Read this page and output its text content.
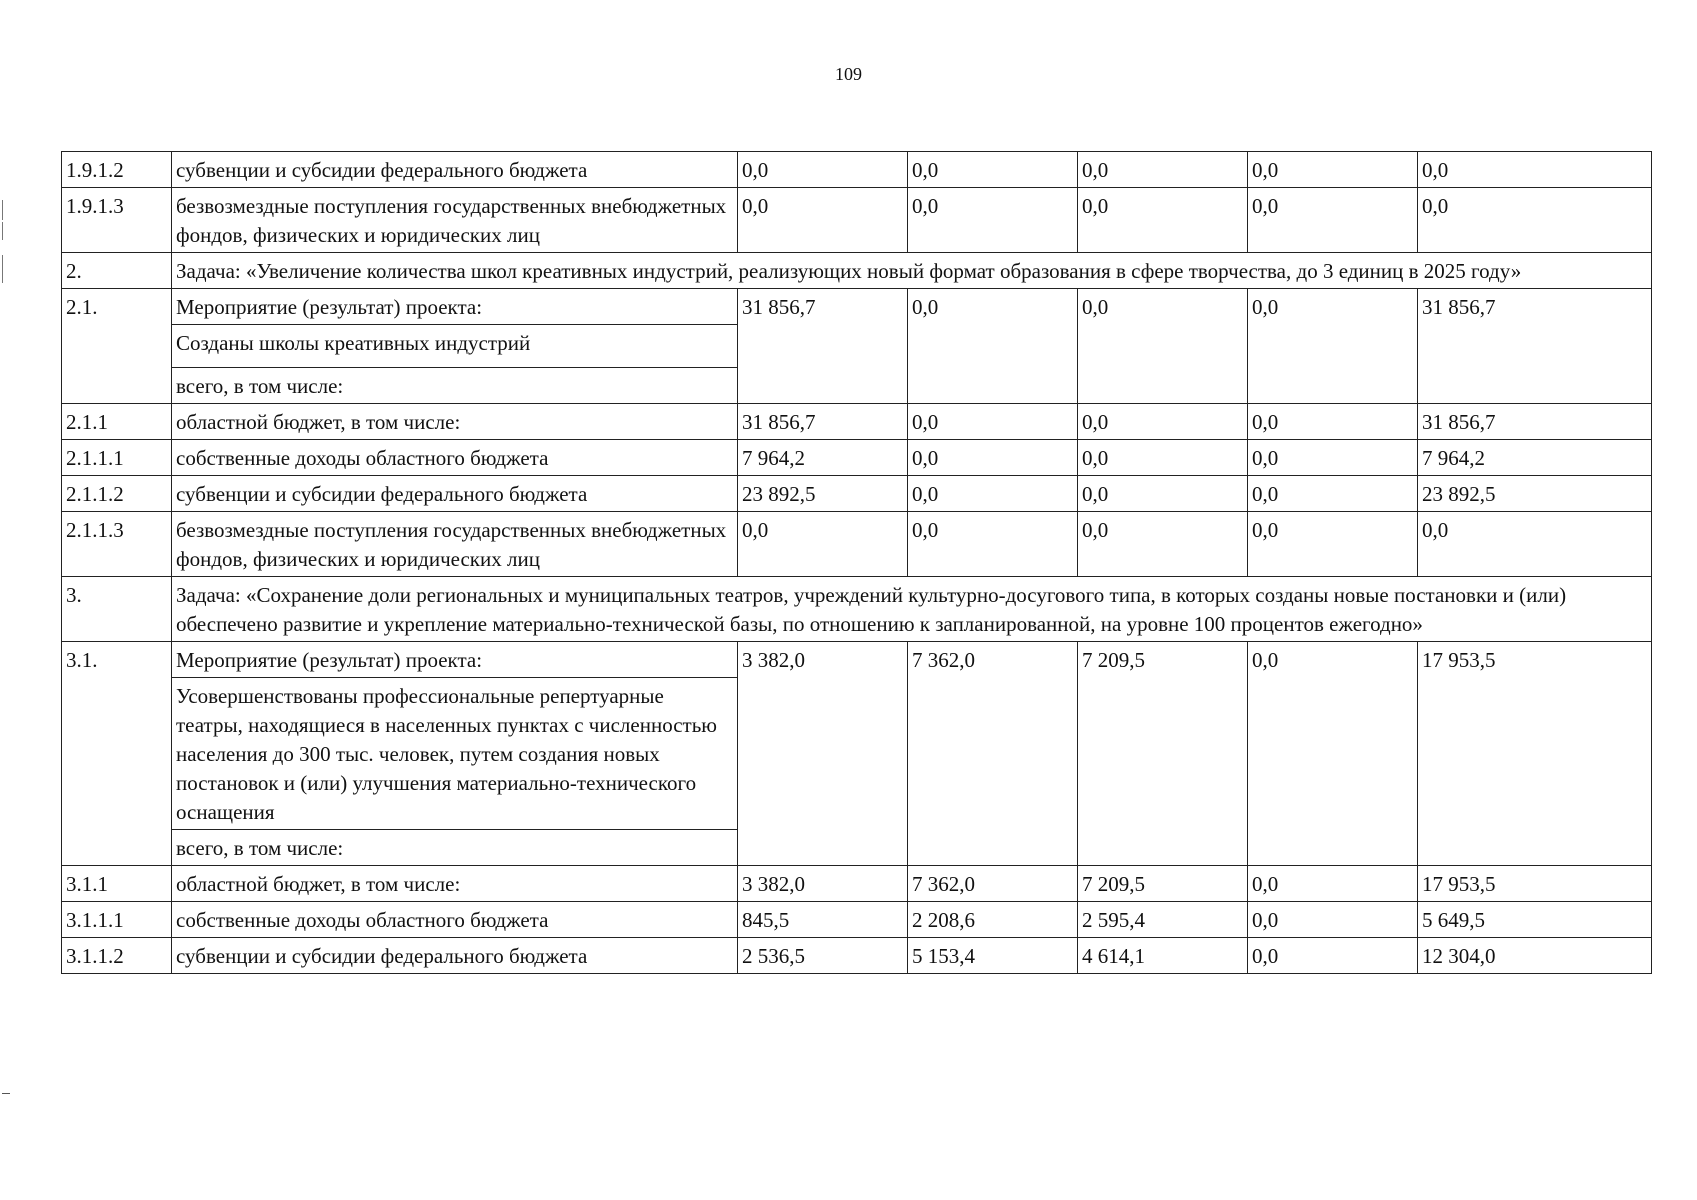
109
1.9.1.2	субвенции и субсидии федерального бюджета	0,0	0,0	0,0	0,0	0,0
1.9.1.3	безвозмездные поступления государственных внебюджетных фондов, физических и юридических лиц	0,0	0,0	0,0	0,0	0,0
2.	Задача: «Увеличение количества школ креативных индустрий, реализующих новый формат образования в сфере творчества, до 3 единиц в 2025 году»					
2.1.	Мероприятие (результат) проекта:	31 856,7	0,0	0,0	0,0	31 856,7
	Созданы школы креативных индустрий					
	всего, в том числе:					
2.1.1	областной бюджет, в том числе:	31 856,7	0,0	0,0	0,0	31 856,7
2.1.1.1	собственные доходы областного бюджета	7 964,2	0,0	0,0	0,0	7 964,2
2.1.1.2	субвенции и субсидии федерального бюджета	23 892,5	0,0	0,0	0,0	23 892,5
2.1.1.3	безвозмездные поступления государственных внебюджетных фондов, физических и юридических лиц	0,0	0,0	0,0	0,0	0,0
3.	Задача: «Сохранение доли региональных и муниципальных театров, учреждений культурно-досугового типа, в которых созданы новые постановки и (или) обеспечено развитие и укрепление материально-технической базы, по отношению к запланированной, на уровне 100 процентов ежегодно»					
3.1.	Мероприятие (результат) проекта:	3 382,0	7 362,0	7 209,5	0,0	17 953,5
	Усовершенствованы профессиональные репертуарные театры, находящиеся в населенных пунктах с численностью населения до 300 тыс. человек, путем создания новых постановок и (или) улучшения материально-технического оснащения					
	всего, в том числе:					
3.1.1	областной бюджет, в том числе:	3 382,0	7 362,0	7 209,5	0,0	17 953,5
3.1.1.1	собственные доходы областного бюджета	845,5	2 208,6	2 595,4	0,0	5 649,5
3.1.1.2	субвенции и субсидии федерального бюджета	2 536,5	5 153,4	4 614,1	0,0	12 304,0
